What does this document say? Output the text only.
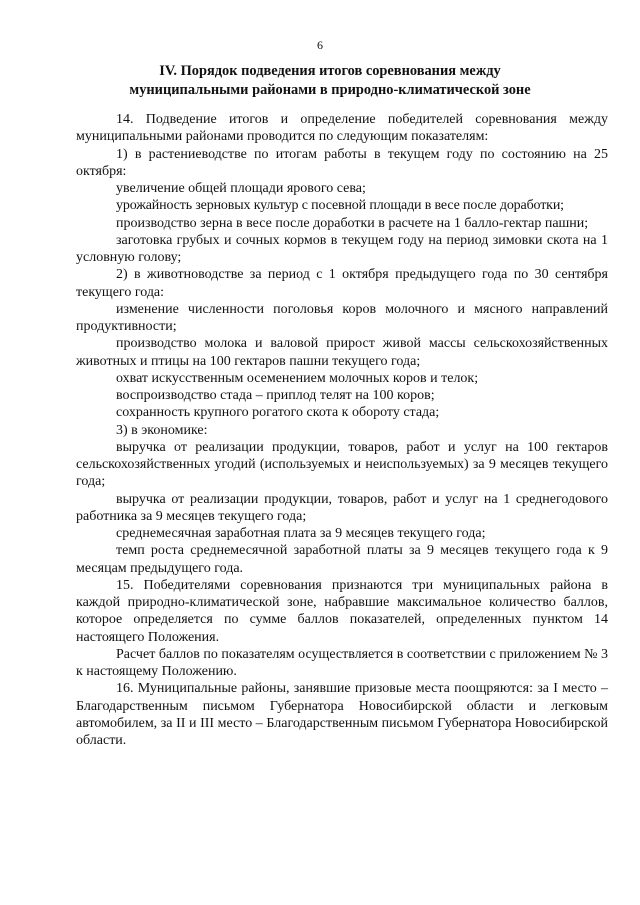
6
IV. Порядок подведения итогов соревнования между
муниципальными районами в природно-климатической зоне

14. Подведение итогов и определение победителей соревнования между муниципальными районами проводится по следующим показателям:

1) в растениеводстве по итогам работы в текущем году по состоянию на 25 октября:

увеличение общей площади ярового сева;

урожайность зерновых культур с посевной площади в весе после доработки;

производство зерна в весе после доработки в расчете на 1 балло-гектар пашни;

заготовка грубых и сочных кормов в текущем году на период зимовки скота на 1 условную голову;

2) в животноводстве за период с 1 октября предыдущего года по 30 сентября текущего года:

изменение численности поголовья коров молочного и мясного направлений продуктивности;

производство молока и валовой прирост живой массы сельскохозяйственных животных и птицы на 100 гектаров пашни текущего года;

охват искусственным осеменением молочных коров и телок;

воспроизводство стада – приплод телят на 100 коров;

сохранность крупного рогатого скота к обороту стада;

3) в экономике:

выручка от реализации продукции, товаров, работ и услуг на 100 гектаров сельскохозяйственных угодий (используемых и неиспользуемых) за 9 месяцев текущего года;

выручка от реализации продукции, товаров, работ и услуг на 1 среднегодового работника за 9 месяцев текущего года;

среднемесячная заработная плата за 9 месяцев текущего года;

темп роста среднемесячной заработной платы за 9 месяцев текущего года к 9 месяцам предыдущего года.

15. Победителями соревнования признаются три муниципальных района в каждой природно-климатической зоне, набравшие максимальное количество баллов, которое определяется по сумме баллов показателей, определенных пунктом 14 настоящего Положения.

Расчет баллов по показателям осуществляется в соответствии с приложением № 3 к настоящему Положению.

16. Муниципальные районы, занявшие призовые места поощряются: за I место – Благодарственным письмом Губернатора Новосибирской области и легковым автомобилем, за II и III место – Благодарственным письмом Губернатора Новосибирской области.
